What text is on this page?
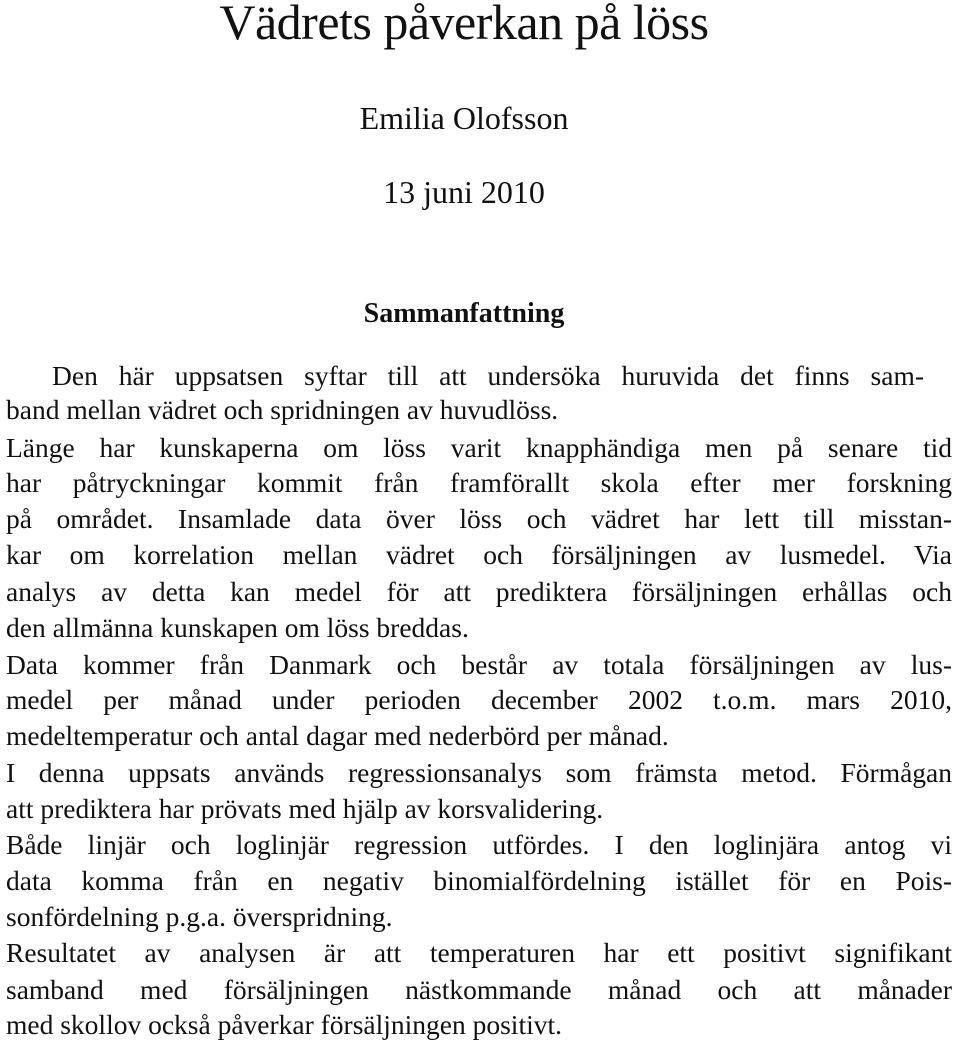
Vädrets påverkan på löss
Emilia Olofsson
13 juni 2010
Sammanfattning
Den här uppsatsen syftar till att undersöka huruvida det finns sam-
band mellan vädret och spridningen av huvudlöss.
Länge har kunskaperna om löss varit knapphändiga men på senare tid
har påtryckningar kommit från framförallt skola efter mer forskning
på området. Insamlade data över löss och vädret har lett till misstan-
kar om korrelation mellan vädret och försäljningen av lusmedel. Via
analys av detta kan medel för att prediktera försäljningen erhållas och
den allmänna kunskapen om löss breddas.
Data kommer från Danmark och består av totala försäljningen av lus-
medel per månad under perioden december 2002 t.o.m. mars 2010,
medeltemperatur och antal dagar med nederbörd per månad.
I denna uppsats används regressionsanalys som främsta metod. Förmågan
att prediktera har prövats med hjälp av korsvalidering.
Både linjär och loglinjär regression utfördes. I den loglinjära antog vi
data komma från en negativ binomialfördelning istället för en Pois-
sonfördelning p.g.a. överspridning.
Resultatet av analysen är att temperaturen har ett positivt signifikant
samband med försäljningen nästkommande månad och att månader
med skollov också påverkar försäljningen positivt.
